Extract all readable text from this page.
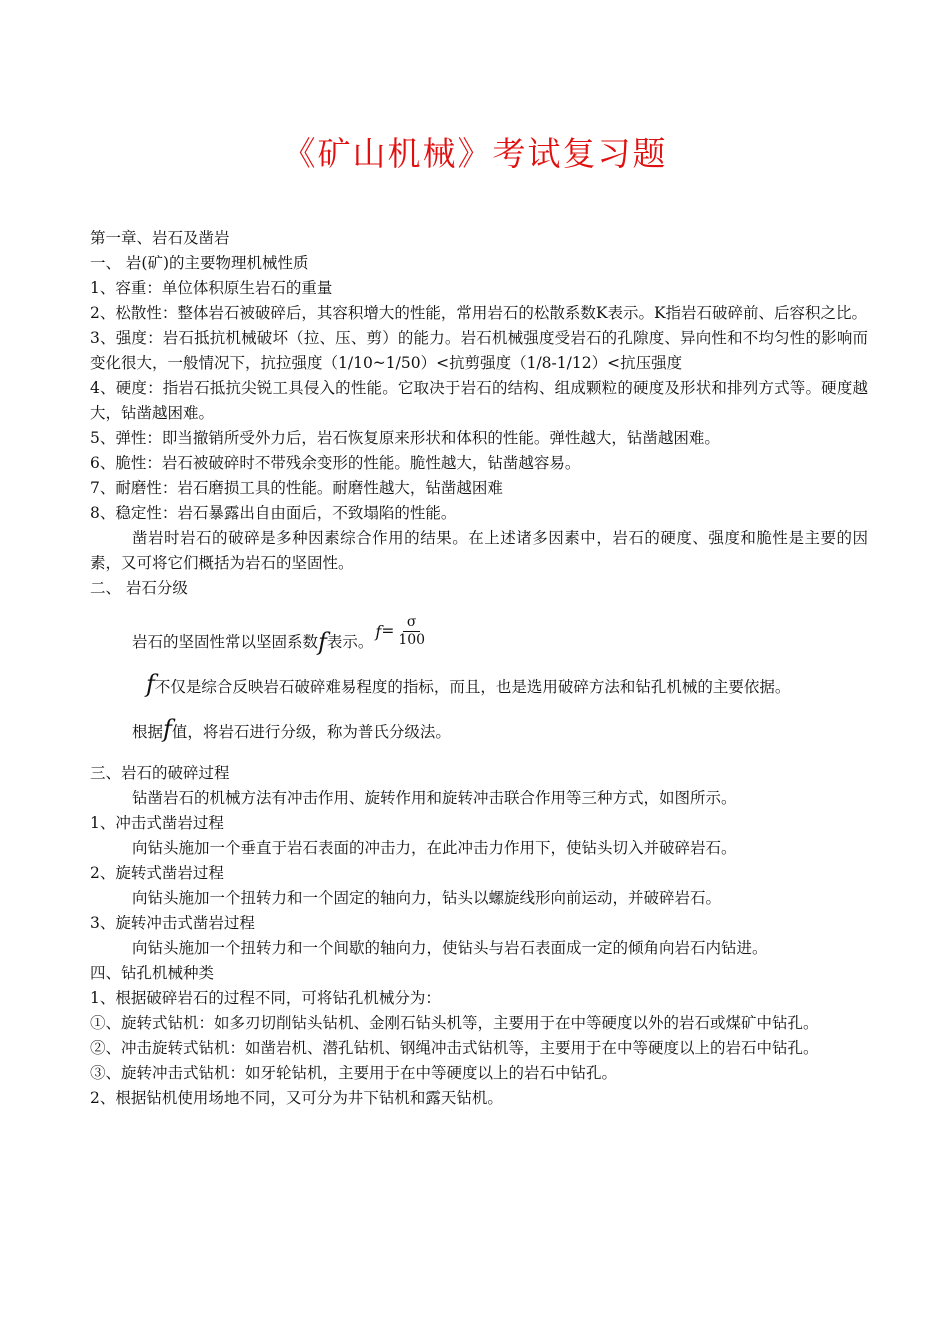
《矿山机械》考试复习题
第一章、岩石及凿岩
一、 岩(矿)的主要物理机械性质
1、容重：单位体积原生岩石的重量
2、松散性：整体岩石被破碎后，其容积增大的性能，常用岩石的松散系数K表示。K指岩石破碎前、后容积之比。
3、强度：岩石抵抗机械破坏（拉、压、剪）的能力。岩石机械强度受岩石的孔隙度、异向性和不均匀性的影响而变化很大，一般情况下，抗拉强度（1/10~1/50）<抗剪强度（1/8-1/12）<抗压强度
4、硬度：指岩石抵抗尖锐工具侵入的性能。它取决于岩石的结构、组成颗粒的硬度及形状和排列方式等。硬度越大，钻凿越困难。
5、弹性：即当撤销所受外力后，岩石恢复原来形状和体积的性能。弹性越大，钻凿越困难。
6、脆性：岩石被破碎时不带残余变形的性能。脆性越大，钻凿越容易。
7、耐磨性：岩石磨损工具的性能。耐磨性越大，钻凿越困难
8、稳定性：岩石暴露出自由面后，不致塌陷的性能。
凿岩时岩石的破碎是多种因素综合作用的结果。在上述诸多因素中，岩石的硬度、强度和脆性是主要的因素，又可将它们概括为岩石的坚固性。
二、 岩石分级
岩石的坚固性常以坚固系数 f 表示。
$f = \frac{\sigma}{100}$
f不仅是综合反映岩石破碎难易程度的指标，而且，也是选用破碎方法和钻孔机械的主要依据。
根据f值，将岩石进行分级，称为普氏分级法。
三、岩石的破碎过程
钻凿岩石的机械方法有冲击作用、旋转作用和旋转冲击联合作用等三种方式，如图所示。
1、冲击式凿岩过程
向钻头施加一个垂直于岩石表面的冲击力，在此冲击力作用下，使钻头切入并破碎岩石。
2、旋转式凿岩过程
向钻头施加一个扭转力和一个固定的轴向力，钻头以螺旋线形向前运动，并破碎岩石。
3、旋转冲击式凿岩过程
向钻头施加一个扭转力和一个间歇的轴向力，使钻头与岩石表面成一定的倾角向岩石内钻进。
四、钻孔机械种类
1、根据破碎岩石的过程不同，可将钻孔机械分为：
①、旋转式钻机：如多刃切削钻头钻机、金刚石钻头机等，主要用于在中等硬度以外的岩石或煤矿中钻孔。
②、冲击旋转式钻机：如凿岩机、潜孔钻机、钢绳冲击式钻机等，主要用于在中等硬度以上的岩石中钻孔。
③、旋转冲击式钻机：如牙轮钻机，主要用于在中等硬度以上的岩石中钻孔。
2、根据钻机使用场地不同，又可分为井下钻机和露天钻机。
